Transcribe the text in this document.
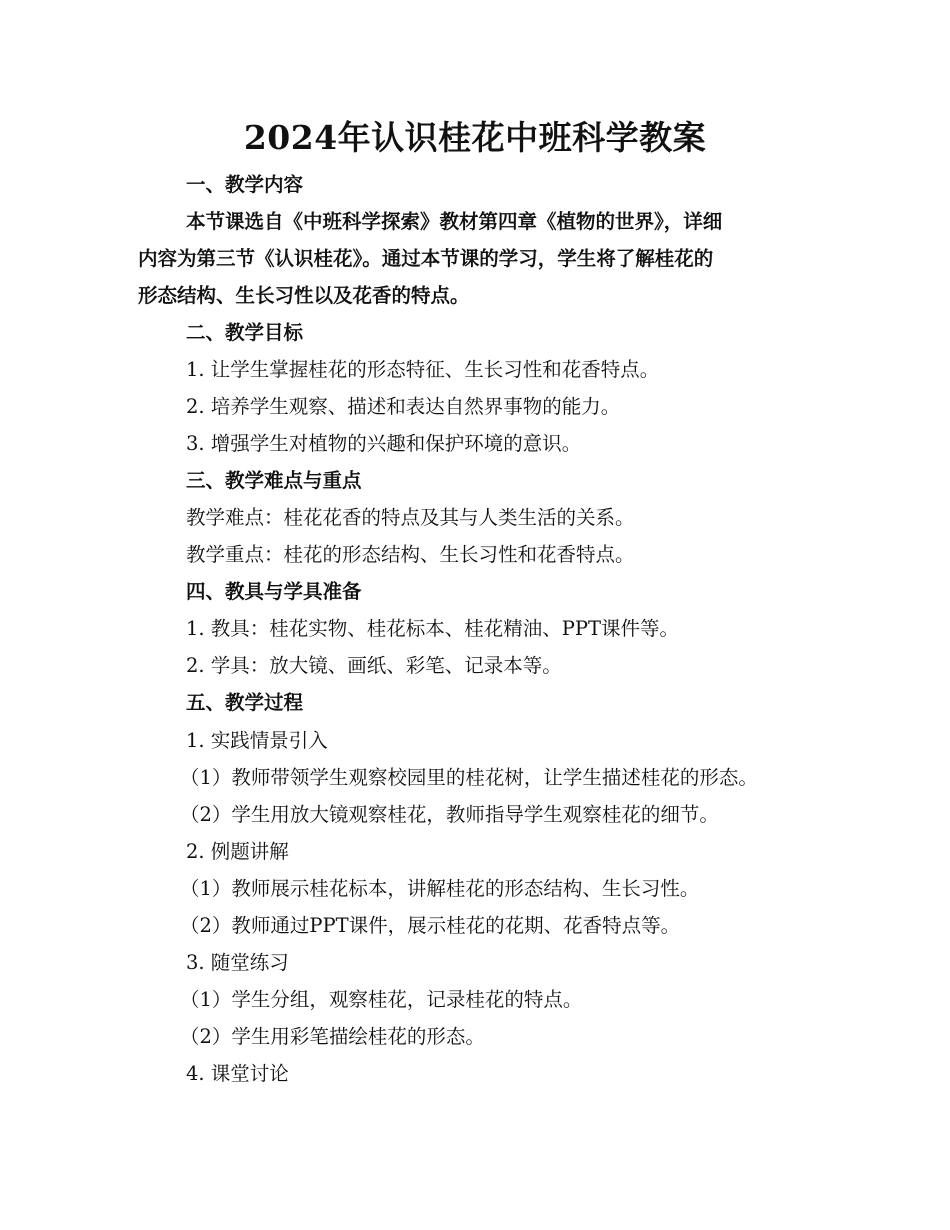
2024年认识桂花中班科学教案
一、教学内容
本节课选自《中班科学探索》教材第四章《植物的世界》，详细
内容为第三节《认识桂花》。通过本节课的学习，学生将了解桂花的
形态结构、生长习性以及花香的特点。
二、教学目标
1. 让学生掌握桂花的形态特征、生长习性和花香特点。
2. 培养学生观察、描述和表达自然界事物的能力。
3. 增强学生对植物的兴趣和保护环境的意识。
三、教学难点与重点
教学难点：桂花花香的特点及其与人类生活的关系。
教学重点：桂花的形态结构、生长习性和花香特点。
四、教具与学具准备
1. 教具：桂花实物、桂花标本、桂花精油、PPT课件等。
2. 学具：放大镜、画纸、彩笔、记录本等。
五、教学过程
1. 实践情景引入
（1）教师带领学生观察校园里的桂花树，让学生描述桂花的形态。
（2）学生用放大镜观察桂花，教师指导学生观察桂花的细节。
2. 例题讲解
（1）教师展示桂花标本，讲解桂花的形态结构、生长习性。
（2）教师通过PPT课件，展示桂花的花期、花香特点等。
3. 随堂练习
（1）学生分组，观察桂花，记录桂花的特点。
（2）学生用彩笔描绘桂花的形态。
4. 课堂讨论
